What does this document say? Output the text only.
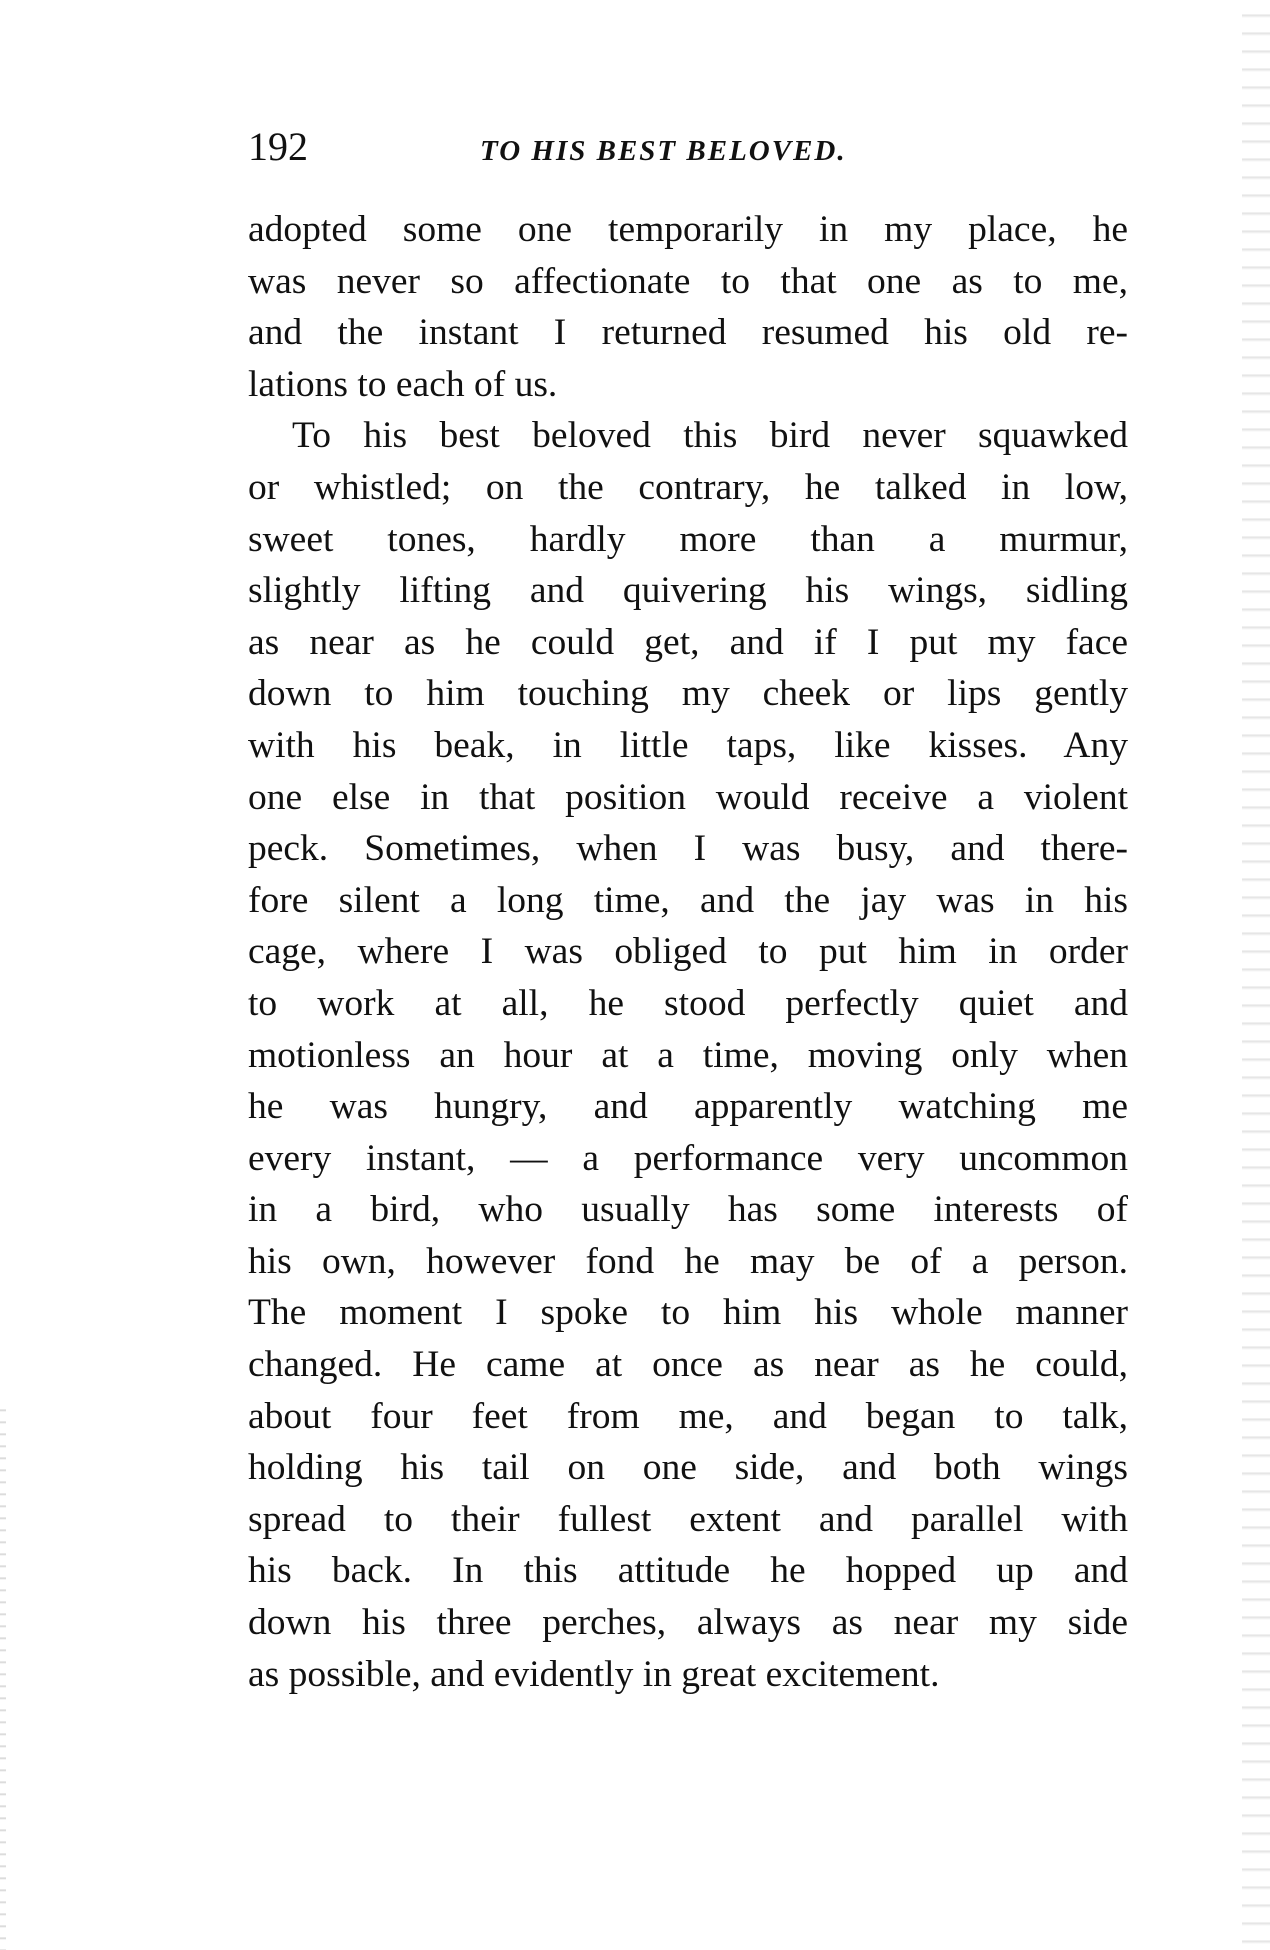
192	TO HIS BEST BELOVED.
adopted some one temporarily in my place, he
was never so affectionate to that one as to me,
and the instant I returned resumed his old re-
lations to each of us.
To his best beloved this bird never squawked
or whistled; on the contrary, he talked in low,
sweet tones, hardly more than a murmur,
slightly lifting and quivering his wings, sidling
as near as he could get, and if I put my face
down to him touching my cheek or lips gently
with his beak, in little taps, like kisses. Any
one else in that position would receive a violent
peck. Sometimes, when I was busy, and there-
fore silent a long time, and the jay was in his
cage, where I was obliged to put him in order
to work at all, he stood perfectly quiet and
motionless an hour at a time, moving only when
he was hungry, and apparently watching me
every instant, — a performance very uncommon
in a bird, who usually has some interests of
his own, however fond he may be of a person.
The moment I spoke to him his whole manner
changed. He came at once as near as he could,
about four feet from me, and began to talk,
holding his tail on one side, and both wings
spread to their fullest extent and parallel with
his back. In this attitude he hopped up and
down his three perches, always as near my side
as possible, and evidently in great excitement.
